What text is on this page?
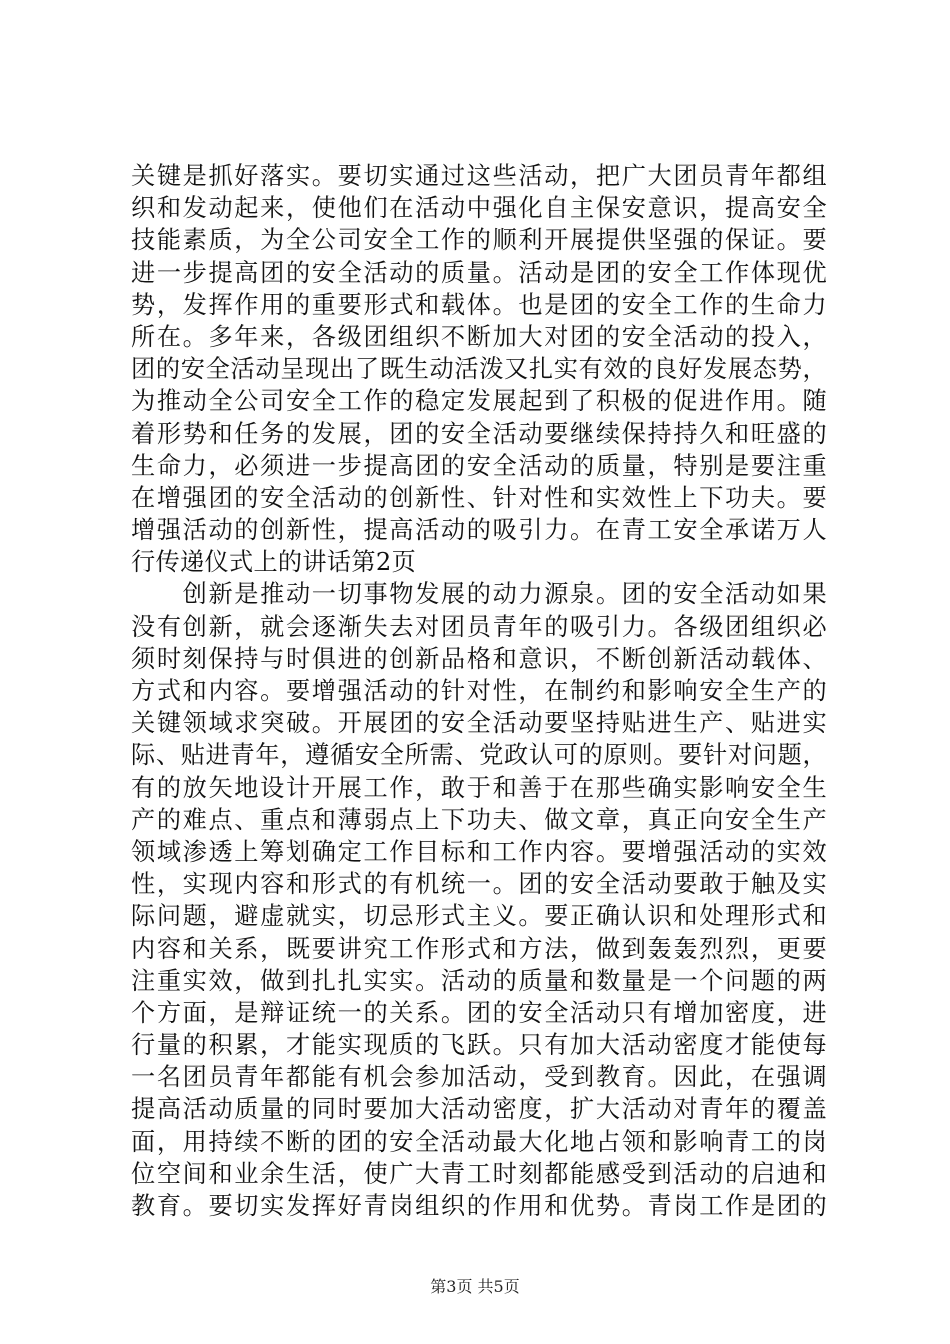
关键是抓好落实。要切实通过这些活动，把广大团员青年都组
织和发动起来，使他们在活动中强化自主保安意识，提高安全
技能素质，为全公司安全工作的顺利开展提供坚强的保证。要
进一步提高团的安全活动的质量。活动是团的安全工作体现优
势，发挥作用的重要形式和载体。也是团的安全工作的生命力
所在。多年来，各级团组织不断加大对团的安全活动的投入，
团的安全活动呈现出了既生动活泼又扎实有效的良好发展态势，
为推动全公司安全工作的稳定发展起到了积极的促进作用。随
着形势和任务的发展，团的安全活动要继续保持持久和旺盛的
生命力，必须进一步提高团的安全活动的质量，特别是要注重
在增强团的安全活动的创新性、针对性和实效性上下功夫。要
增强活动的创新性，提高活动的吸引力。在青工安全承诺万人
行传递仪式上的讲话第2页
　　创新是推动一切事物发展的动力源泉。团的安全活动如果
没有创新，就会逐渐失去对团员青年的吸引力。各级团组织必
须时刻保持与时俱进的创新品格和意识，不断创新活动载体、
方式和内容。要增强活动的针对性，在制约和影响安全生产的
关键领域求突破。开展团的安全活动要坚持贴进生产、贴进实
际、贴进青年，遵循安全所需、党政认可的原则。要针对问题，
有的放矢地设计开展工作，敢于和善于在那些确实影响安全生
产的难点、重点和薄弱点上下功夫、做文章，真正向安全生产
领域渗透上筹划确定工作目标和工作内容。要增强活动的实效
性，实现内容和形式的有机统一。团的安全活动要敢于触及实
际问题，避虚就实，切忌形式主义。要正确认识和处理形式和
内容和关系，既要讲究工作形式和方法，做到轰轰烈烈，更要
注重实效，做到扎扎实实。活动的质量和数量是一个问题的两
个方面，是辩证统一的关系。团的安全活动只有增加密度，进
行量的积累，才能实现质的飞跃。只有加大活动密度才能使每
一名团员青年都能有机会参加活动，受到教育。因此，在强调
提高活动质量的同时要加大活动密度，扩大活动对青年的覆盖
面，用持续不断的团的安全活动最大化地占领和影响青工的岗
位空间和业余生活，使广大青工时刻都能感受到活动的启迪和
教育。要切实发挥好青岗组织的作用和优势。青岗工作是团的
第3页 共5页
